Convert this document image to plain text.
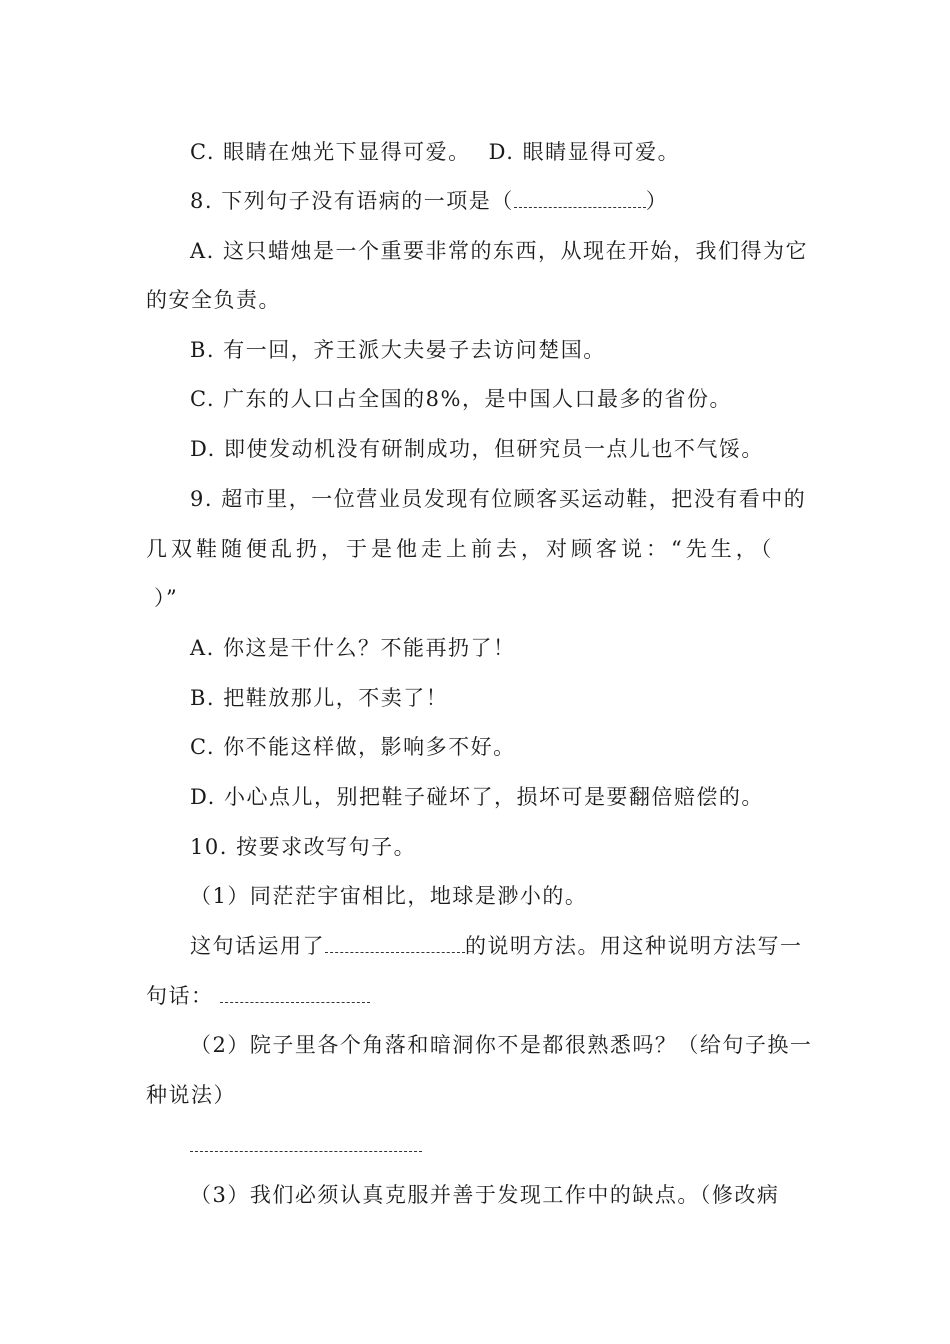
C. 眼睛在烛光下显得可爱。 D. 眼睛显得可爱。
8. 下列句子没有语病的一项是（	）
A. 这只蜡烛是一个重要非常的东西，从现在开始，我们得为它
的安全负责。
B. 有一回，齐王派大夫晏子去访问楚国。
C. 广东的人口占全国的8%，是中国人口最多的省份。
D. 即使发动机没有研制成功，但研究员一点儿也不气馁。
9. 超市里，一位营业员发现有位顾客买运动鞋，把没有看中的
几双鞋随便乱扔，于是他走上前去，对顾客说：“先生，（
）”
A. 你这是干什么？不能再扔了！
B. 把鞋放那儿，不卖了！
C. 你不能这样做，影响多不好。
D. 小心点儿，别把鞋子碰坏了，损坏可是要翻倍赔偿的。
10. 按要求改写句子。
（1）同茫茫宇宙相比，地球是渺小的。
这句话运用了	的说明方法。用这种说明方法写一
句话：
（2）院子里各个角落和暗洞你不是都很熟悉吗？（给句子换一
种说法）
（3）我们必须认真克服并善于发现工作中的缺点。（修改病
